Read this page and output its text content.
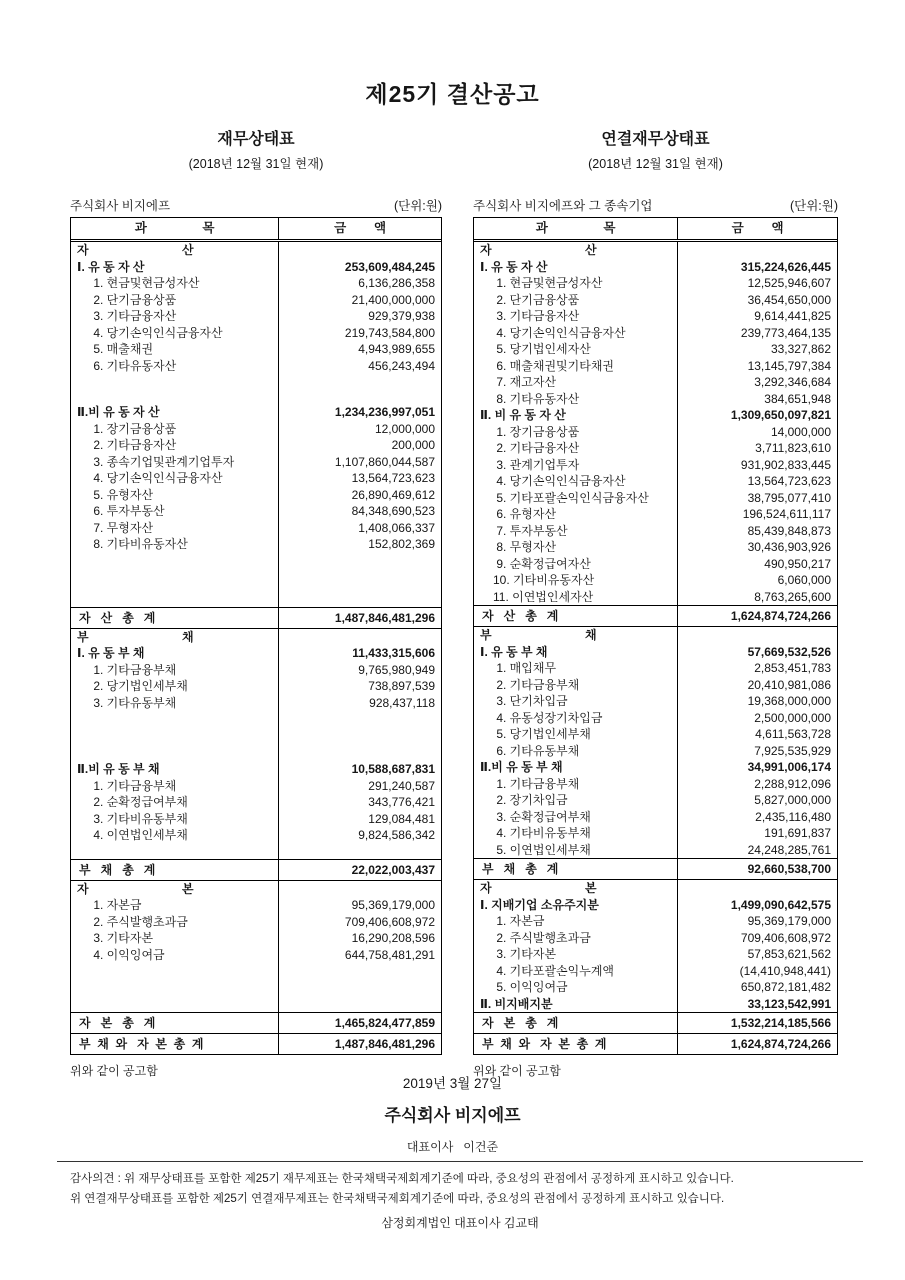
제25기 결산공고
재무상태표
(2018년 12월 31일 현재)
주식회사 비지에프	(단위:원)
과                목	금        액
자                            산
Ⅰ. 유 동 자 산	253,609,484,245
1. 현금및현금성자산	6,136,286,358
2. 단기금융상품	21,400,000,000
3. 기타금융자산	929,379,938
4. 당기손익인식금융자산	219,743,584,800
5. 매출채권	4,943,989,655
6. 기타유동자산	456,243,494
Ⅱ.비 유 동 자 산	1,234,236,997,051
1. 장기금융상품	12,000,000
2. 기타금융자산	200,000
3. 종속기업및관계기업투자	1,107,860,044,587
4. 당기손익인식금융자산	13,564,723,623
5. 유형자산	26,890,469,612
6. 투자부동산	84,348,690,523
7. 무형자산	1,408,066,337
8. 기타비유동자산	152,802,369
자   산   총   계	1,487,846,481,296
부                            채
Ⅰ. 유 동 부 채	11,433,315,606
1. 기타금융부채	9,765,980,949
2. 당기법인세부채	738,897,539
3. 기타유동부채	928,437,118
Ⅱ.비 유 동 부 채	10,588,687,831
1. 기타금융부채	291,240,587
2. 순확정급여부채	343,776,421
3. 기타비유동부채	129,084,481
4. 이연법인세부채	9,824,586,342
부   채   총   계	22,022,003,437
자                            본
1. 자본금	95,369,179,000
2. 주식발행초과금	709,406,608,972
3. 기타자본	16,290,208,596
4. 이익잉여금	644,758,481,291
자   본   총   계	1,465,824,477,859
부  채  와   자  본  총  계	1,487,846,481,296
위와 같이 공고함
연결재무상태표
(2018년 12월 31일 현재)
주식회사 비지에프와 그 종속기업	(단위:원)
과                목	금        액
자                            산
Ⅰ. 유 동 자 산	315,224,626,445
1. 현금및현금성자산	12,525,946,607
2. 단기금융상품	36,454,650,000
3. 기타금융자산	9,614,441,825
4. 당기손익인식금융자산	239,773,464,135
5. 당기법인세자산	33,327,862
6. 매출채권및기타채권	13,145,797,384
7. 재고자산	3,292,346,684
8. 기타유동자산	384,651,948
Ⅱ. 비 유 동 자 산	1,309,650,097,821
1. 장기금융상품	14,000,000
2. 기타금융자산	3,711,823,610
3. 관계기업투자	931,902,833,445
4. 당기손익인식금융자산	13,564,723,623
5. 기타포괄손익인식금융자산	38,795,077,410
6. 유형자산	196,524,611,117
7. 투자부동산	85,439,848,873
8. 무형자산	30,436,903,926
9. 순확정급여자산	490,950,217
10. 기타비유동자산	6,060,000
11. 이연법인세자산	8,763,265,600
자   산   총   계	1,624,874,724,266
부                            채
Ⅰ. 유 동 부 채	57,669,532,526
1. 매입채무	2,853,451,783
2. 기타금융부채	20,410,981,086
3. 단기차입금	19,368,000,000
4. 유동성장기차입금	2,500,000,000
5. 당기법인세부채	4,611,563,728
6. 기타유동부채	7,925,535,929
Ⅱ.비 유 동 부 채	34,991,006,174
1. 기타금융부채	2,288,912,096
2. 장기차입금	5,827,000,000
3. 순확정급여부채	2,435,116,480
4. 기타비유동부채	191,691,837
5. 이연법인세부채	24,248,285,761
부   채   총   계	92,660,538,700
자                            본
Ⅰ. 지배기업 소유주지분	1,499,090,642,575
1. 자본금	95,369,179,000
2. 주식발행초과금	709,406,608,972
3. 기타자본	57,853,621,562
4. 기타포괄손익누계액	(14,410,948,441)
5. 이익잉여금	650,872,181,482
Ⅱ. 비지배지분	33,123,542,991
자   본   총   계	1,532,214,185,566
부  채  와   자  본  총  계	1,624,874,724,266
위와 같이 공고함
2019년 3월 27일
주식회사 비지에프
대표이사   이건준
감사의견 : 위 재무상태표를 포함한 제25기 재무제표는 한국채택국제회계기준에 따라, 중요성의 관점에서 공정하게 표시하고 있습니다.
위 연결재무상태표를 포함한 제25기 연결재무제표는 한국채택국제회계기준에 따라, 중요성의 관점에서 공정하게 표시하고 있습니다.
삼정회계법인 대표이사 김교태
